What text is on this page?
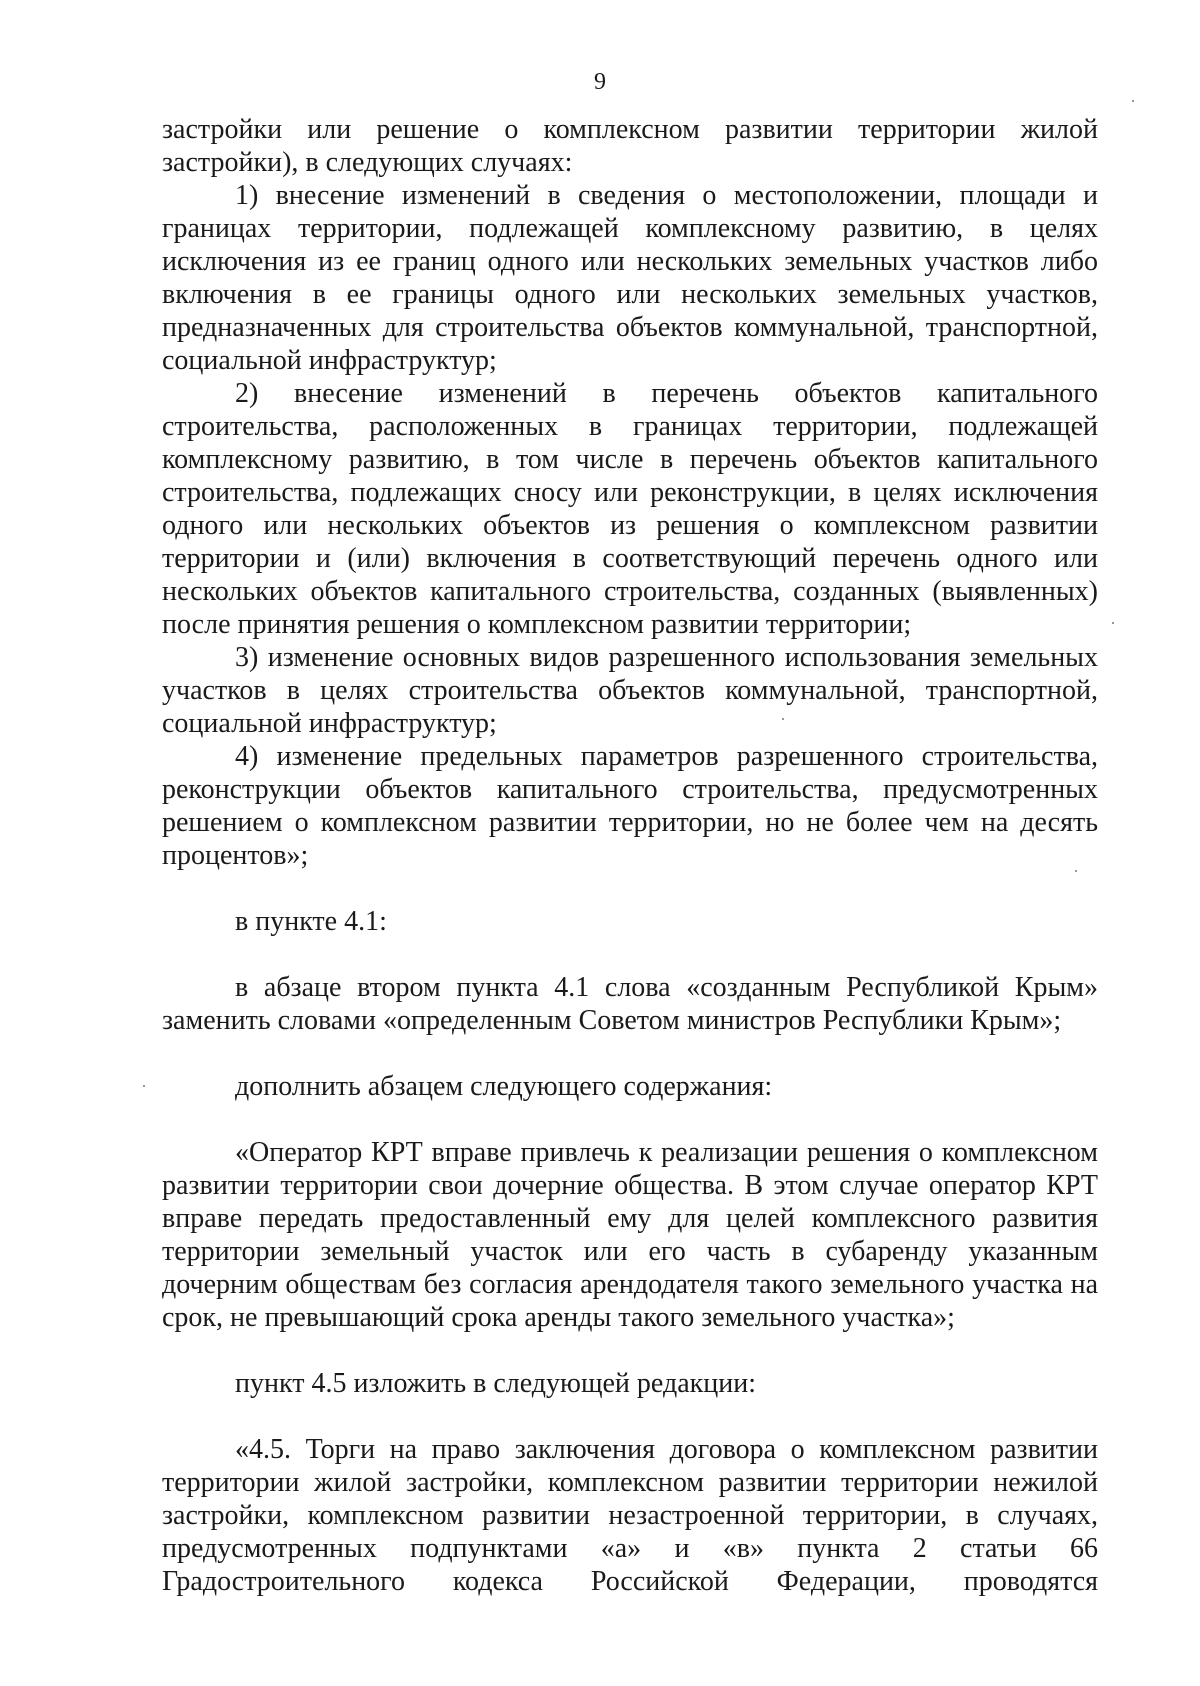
9

застройки или решение о комплексном развитии территории жилой застройки), в следующих случаях:

1) внесение изменений в сведения о местоположении, площади и границах территории, подлежащей комплексному развитию, в целях исключения из ее границ одного или нескольких земельных участков либо включения в ее границы одного или нескольких земельных участков, предназначенных для строительства объектов коммунальной, транспортной, социальной инфраструктур;

2) внесение изменений в перечень объектов капитального строительства, расположенных в границах территории, подлежащей комплексному развитию, в том числе в перечень объектов капитального строительства, подлежащих сносу или реконструкции, в целях исключения одного или нескольких объектов из решения о комплексном развитии территории и (или) включения в соответствующий перечень одного или нескольких объектов капитального строительства, созданных (выявленных) после принятия решения о комплексном развитии территории;

3) изменение основных видов разрешенного использования земельных участков в целях строительства объектов коммунальной, транспортной, социальной инфраструктур;

4) изменение предельных параметров разрешенного строительства, реконструкции объектов капитального строительства, предусмотренных решением о комплексном развитии территории, но не более чем на десять процентов»;

в пункте 4.1:

в абзаце втором пункта 4.1 слова «созданным Республикой Крым» заменить словами «определенным Советом министров Республики Крым»;

дополнить абзацем следующего содержания:

«Оператор КРТ вправе привлечь к реализации решения о комплексном развитии территории свои дочерние общества. В этом случае оператор КРТ вправе передать предоставленный ему для целей комплексного развития территории земельный участок или его часть в субаренду указанным дочерним обществам без согласия арендодателя такого земельного участка на срок, не превышающий срока аренды такого земельного участка»;

пункт 4.5 изложить в следующей редакции:

«4.5. Торги на право заключения договора о комплексном развитии территории жилой застройки, комплексном развитии территории нежилой застройки, комплексном развитии незастроенной территории, в случаях, предусмотренных подпунктами «а» и «в» пункта 2 статьи 66 Градостроительного кодекса Российской Федерации, проводятся
